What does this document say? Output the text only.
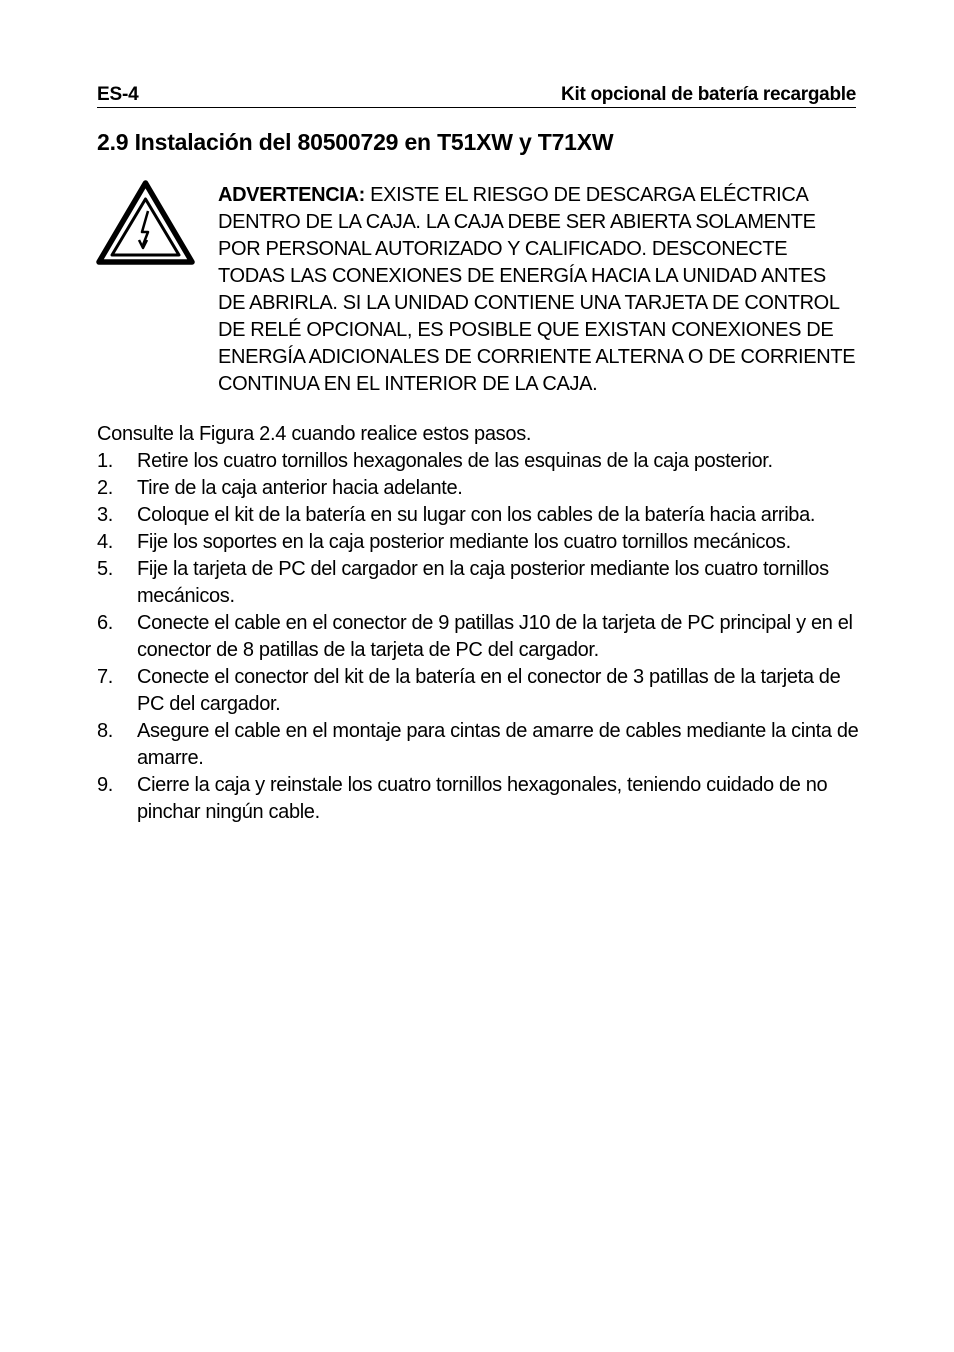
ES-4	Kit opcional de batería recargable
2.9 Instalación del 80500729 en T51XW y T71XW
ADVERTENCIA: EXISTE EL RIESGO DE DESCARGA ELÉCTRICA DENTRO DE LA CAJA. LA CAJA DEBE SER ABIERTA SOLAMENTE POR PERSONAL AUTORIZADO Y CALIFICADO. DESCONECTE TODAS LAS CONEXIONES DE ENERGÍA HACIA LA UNIDAD ANTES DE ABRIRLA. SI LA UNIDAD CONTIENE UNA TARJETA DE CONTROL DE RELÉ OPCIONAL, ES POSIBLE QUE EXISTAN CONEXIONES DE ENERGÍA ADICIONALES DE CORRIENTE ALTERNA O DE CORRIENTE CONTINUA EN EL INTERIOR DE LA CAJA.
Consulte la Figura 2.4 cuando realice estos pasos.
1. Retire los cuatro tornillos hexagonales de las esquinas de la caja posterior.
2. Tire de la caja anterior hacia adelante.
3. Coloque el kit de la batería en su lugar con los cables de la batería hacia arriba.
4. Fije los soportes en la caja posterior mediante los cuatro tornillos mecánicos.
5. Fije la tarjeta de PC del cargador en la caja posterior mediante los cuatro tornillos mecánicos.
6. Conecte el cable en el conector de 9 patillas J10 de la tarjeta de PC principal y en el conector de 8 patillas de la tarjeta de PC del cargador.
7. Conecte el conector del kit de la batería en el conector de 3 patillas de la tarjeta de PC del cargador.
8. Asegure el cable en el montaje para cintas de amarre de cables mediante la cinta de amarre.
9. Cierre la caja y reinstale los cuatro tornillos hexagonales, teniendo cuidado de no pinchar ningún cable.
